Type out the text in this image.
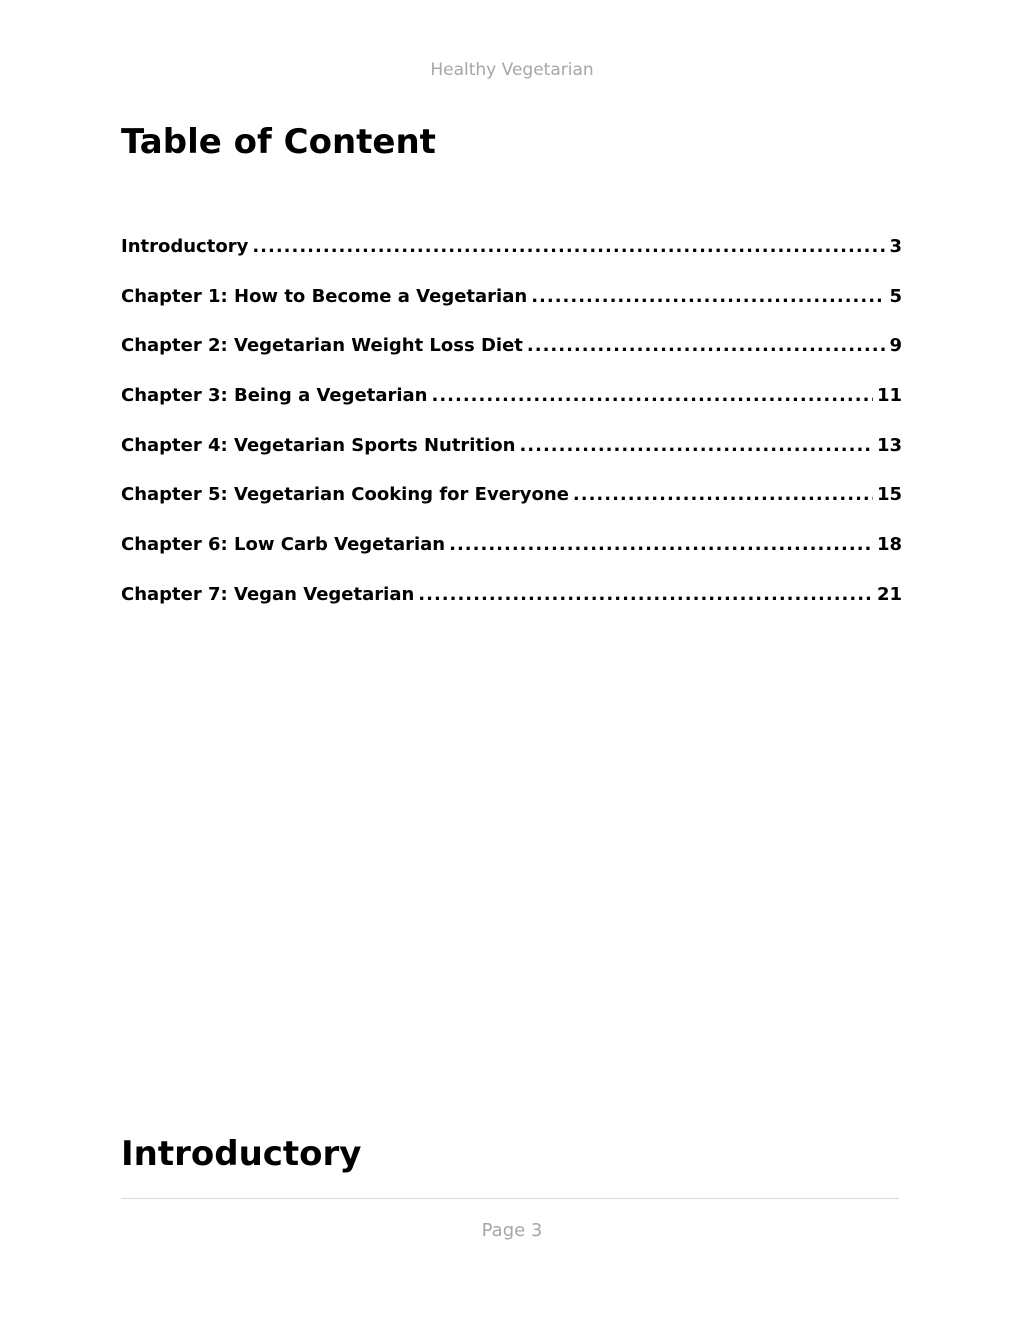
Healthy Vegetarian
Table of Content
Introductory .....	3
Chapter 1: How to Become a Vegetarian .....	5
Chapter 2: Vegetarian Weight Loss Diet .....	9
Chapter 3: Being a Vegetarian .....	11
Chapter 4: Vegetarian Sports Nutrition .....	13
Chapter 5: Vegetarian Cooking for Everyone .....	15
Chapter 6: Low Carb Vegetarian .....	18
Chapter 7: Vegan Vegetarian .....	21
Introductory
Page 3
